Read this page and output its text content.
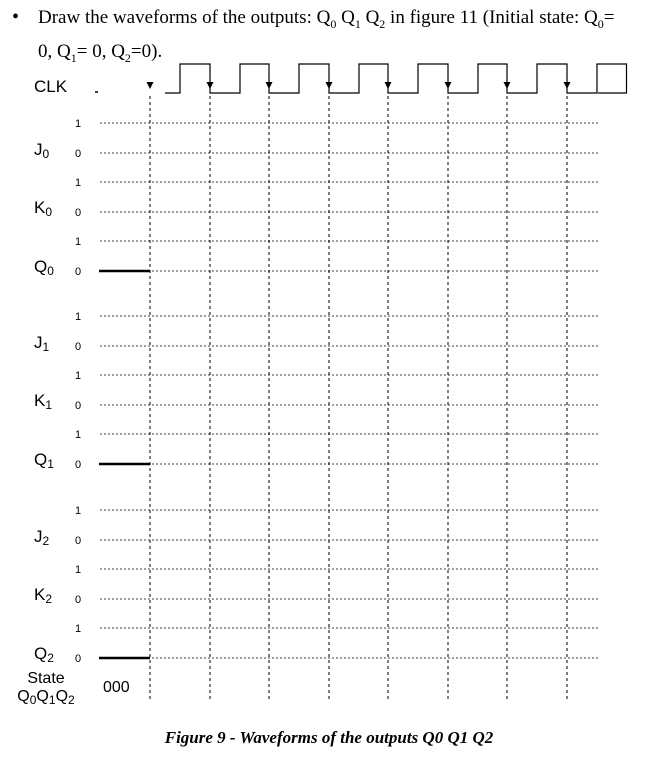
• Draw the waveforms of the outputs: $Q_0$ $Q_1$ $Q_2$ in figure 11 (Initial state: $Q_0=$
0, $Q_1= 0$, $Q_2=0$).
CLK
$J_0$
$K_0$
$Q_0$
$J_1$
$K_1$
$Q_1$
$J_2$
$K_2$
$Q_2$
1
0
1
0
1
0
1
0
1
0
1
0
1
0
1
0
1
0
State
$Q_0Q_1Q_2$
000
Figure 9 - Waveforms of the outputs Q0 Q1 Q2
